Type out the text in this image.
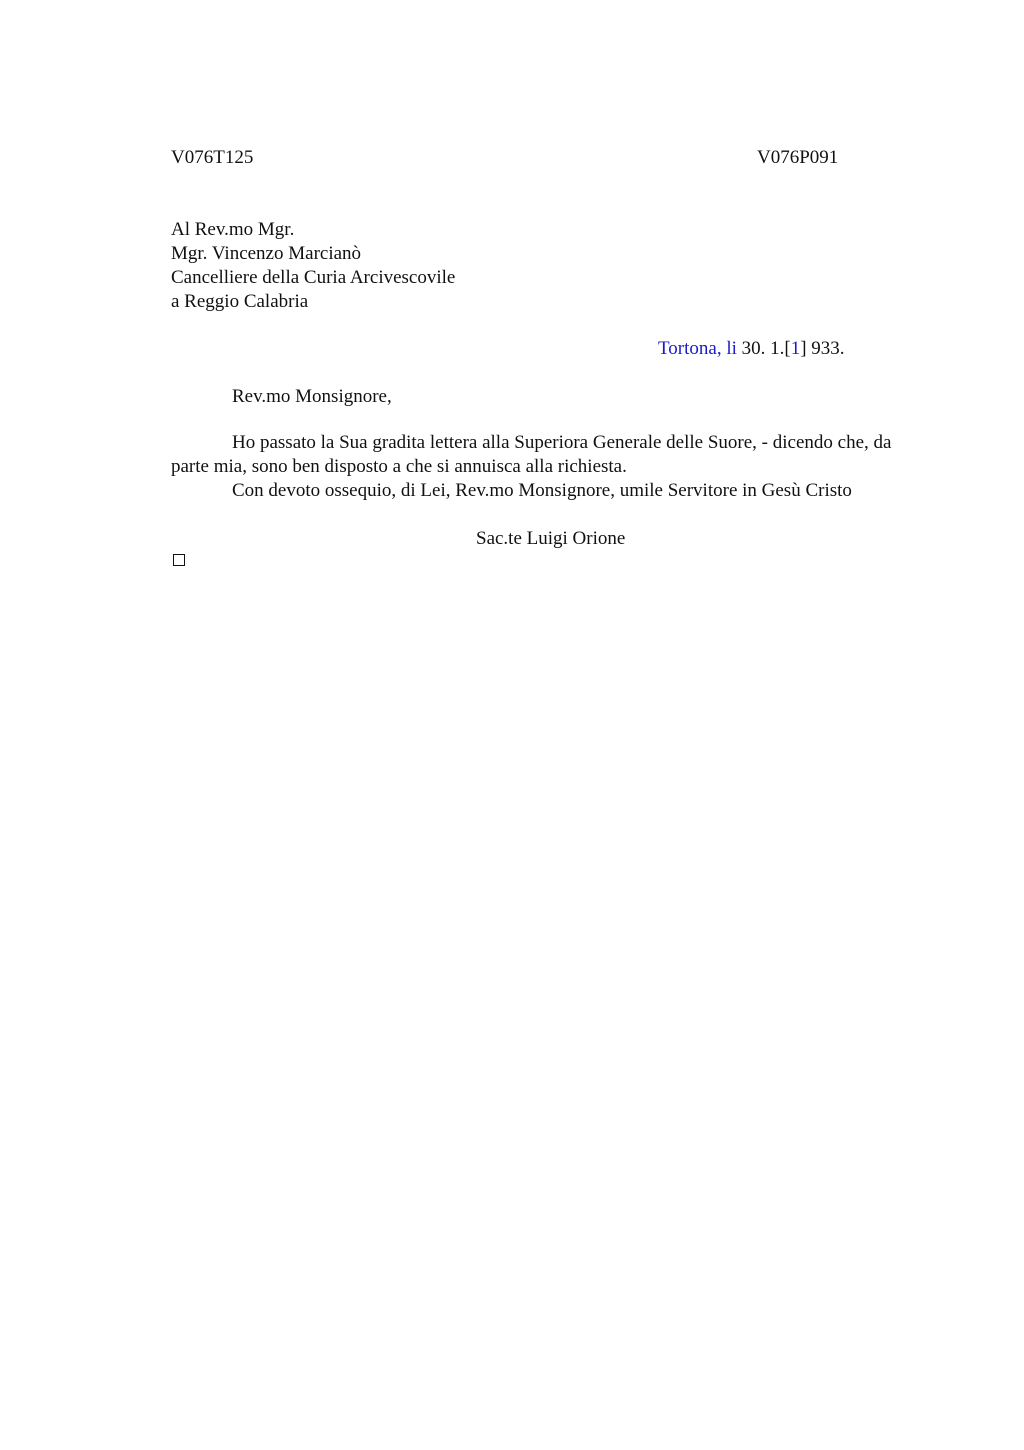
V076T125	V076P091
Al Rev.mo Mgr.
Mgr. Vincenzo Marcianò
Cancelliere della Curia Arcivescovile
a Reggio Calabria
Tortona, li 30. 1.[1] 933.
Rev.mo Monsignore,

Ho passato la Sua gradita lettera alla Superiora Generale delle Suore, - dicendo che, da parte mia, sono ben disposto a che si annuisca alla richiesta.

Con devoto ossequio, di Lei, Rev.mo Monsignore, umile Servitore in Gesù Cristo

Sac.te Luigi Orione
